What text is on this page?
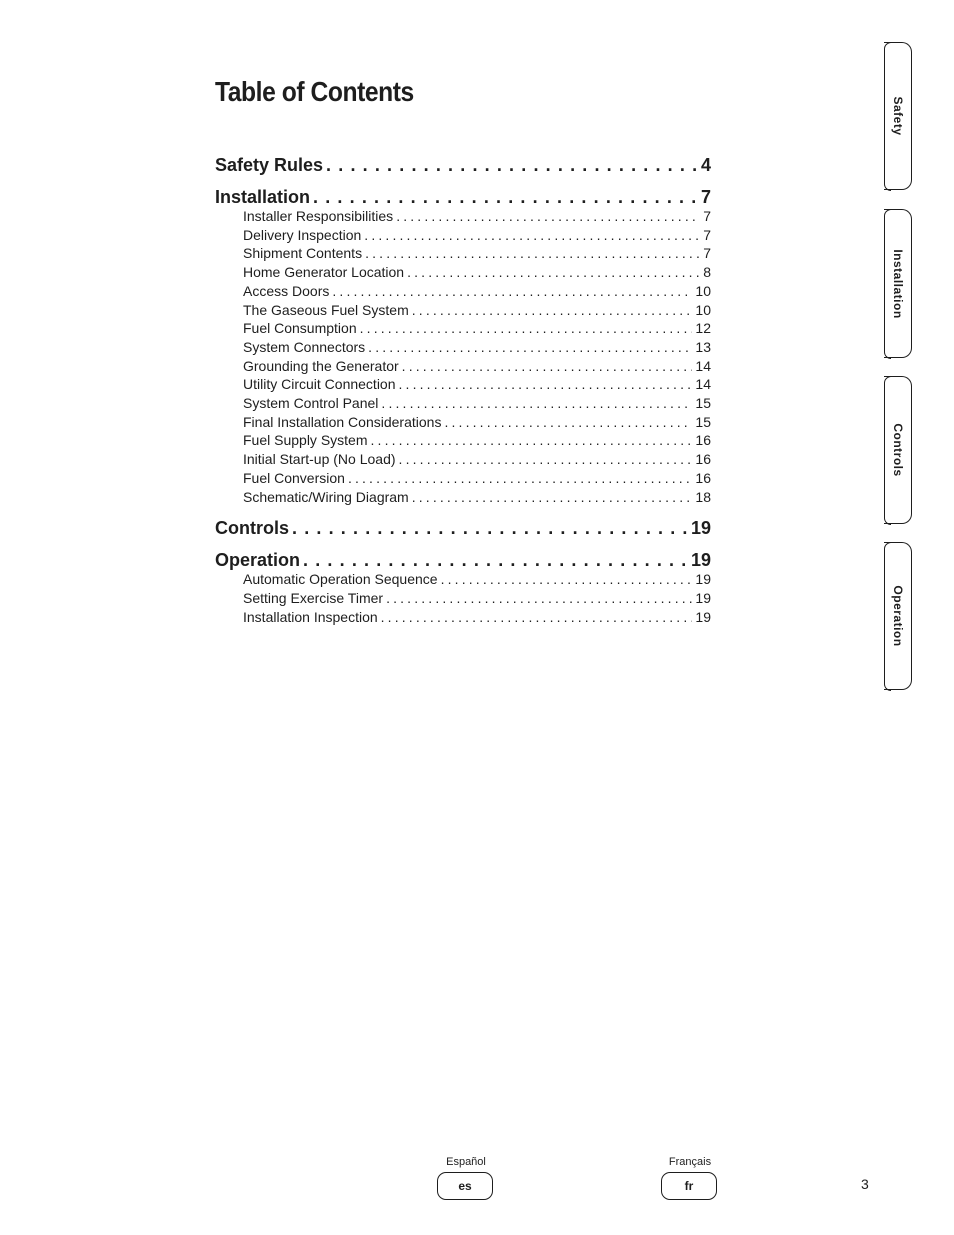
Table of Contents
Safety Rules .....	4
Installation .....	7
Installer Responsibilities .....	7
Delivery Inspection .....	7
Shipment Contents .....	7
Home Generator Location .....	8
Access Doors .....	10
The Gaseous Fuel System .....	10
Fuel Consumption .....	12
System Connectors .....	13
Grounding the Generator .....	14
Utility Circuit Connection .....	14
System Control Panel .....	15
Final Installation Considerations .....	15
Fuel Supply System .....	16
Initial Start-up (No Load) .....	16
Fuel Conversion .....	16
Schematic/Wiring Diagram .....	18
Controls .....	19
Operation .....	19
Automatic Operation Sequence .....	19
Setting Exercise Timer .....	19
Installation Inspection .....	19
Safety
Installation
Controls
Operation
Español
es
Français
fr	3
